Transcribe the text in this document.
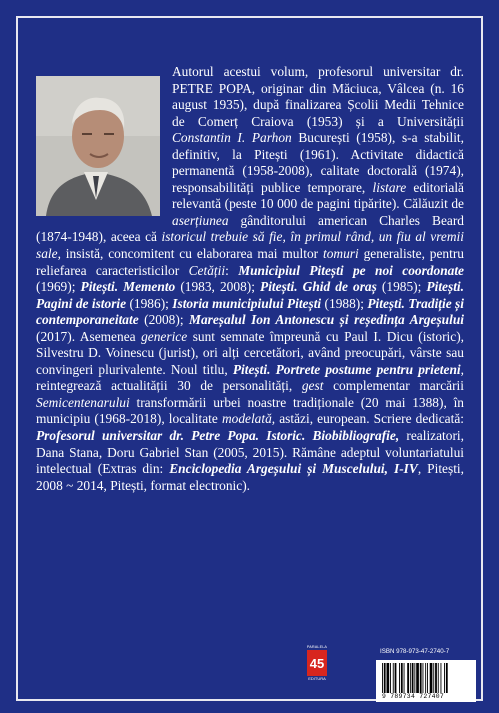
Autorul acestui volum, profesorul universitar dr. PETRE POPA, originar din Măciuca, Vâlcea (n. 16 august 1935), după finalizarea Școlii Medii Tehnice de Comerț Craiova (1953) și a Universității Constantin I. Parhon București (1958), s-a stabilit, definitiv, la Pitești (1961). Activitate didactică permanentă (1958-2008), calitate doctorală (1974), responsabilități publice temporare, listare editorială relevantă (peste 10 000 de pagini tipărite). Călăuzit de aserțiunea gânditorului american Charles Beard (1874-1948), aceea că istoricul trebuie să fie, în primul rând, un fiu al vremii sale, insistă, concomitent cu elaborarea mai multor tomuri generaliste, pentru reliefarea caracteristicilor Cetății: Municipiul Pitești pe noi coordonate (1969); Pitești. Memento (1983, 2008); Pitești. Ghid de oraș (1985); Pitești. Pagini de istorie (1986); Istoria municipiului Pitești (1988); Pitești. Tradiție și contemporaneitate (2008); Mareșalul Ion Antonescu și reședința Argeșului (2017). Asemenea generice sunt semnate împreună cu Paul I. Dicu (istoric), Silvestru D. Voinescu (jurist), ori alți cercetători, având preocupări, vârste sau convingeri plurivalente. Noul titlu, Pitești. Portrete postume pentru prieteni, reintegrează actualității 30 de personalități, gest complementar marcării Semicentenarului transformării urbei noastre tradiționale (20 mai 1388), în municipiu (1968-2018), localitate modelată, astăzi, european. Scriere dedicată: Profesorul universitar dr. Petre Popa. Istoric. Biobibliografie, realizatori, Dana Stana, Doru Gabriel Stan (2005, 2015). Rămâne adeptul voluntariatului intelectual (Extras din: Enciclopedia Argeșului și Muscelului, I-IV, Pitești, 2008 ~ 2014, Pitești, format electronic).

PARALELA
45
EDITURA
ISBN 978-973-47-2740-7
9 789734 727407
